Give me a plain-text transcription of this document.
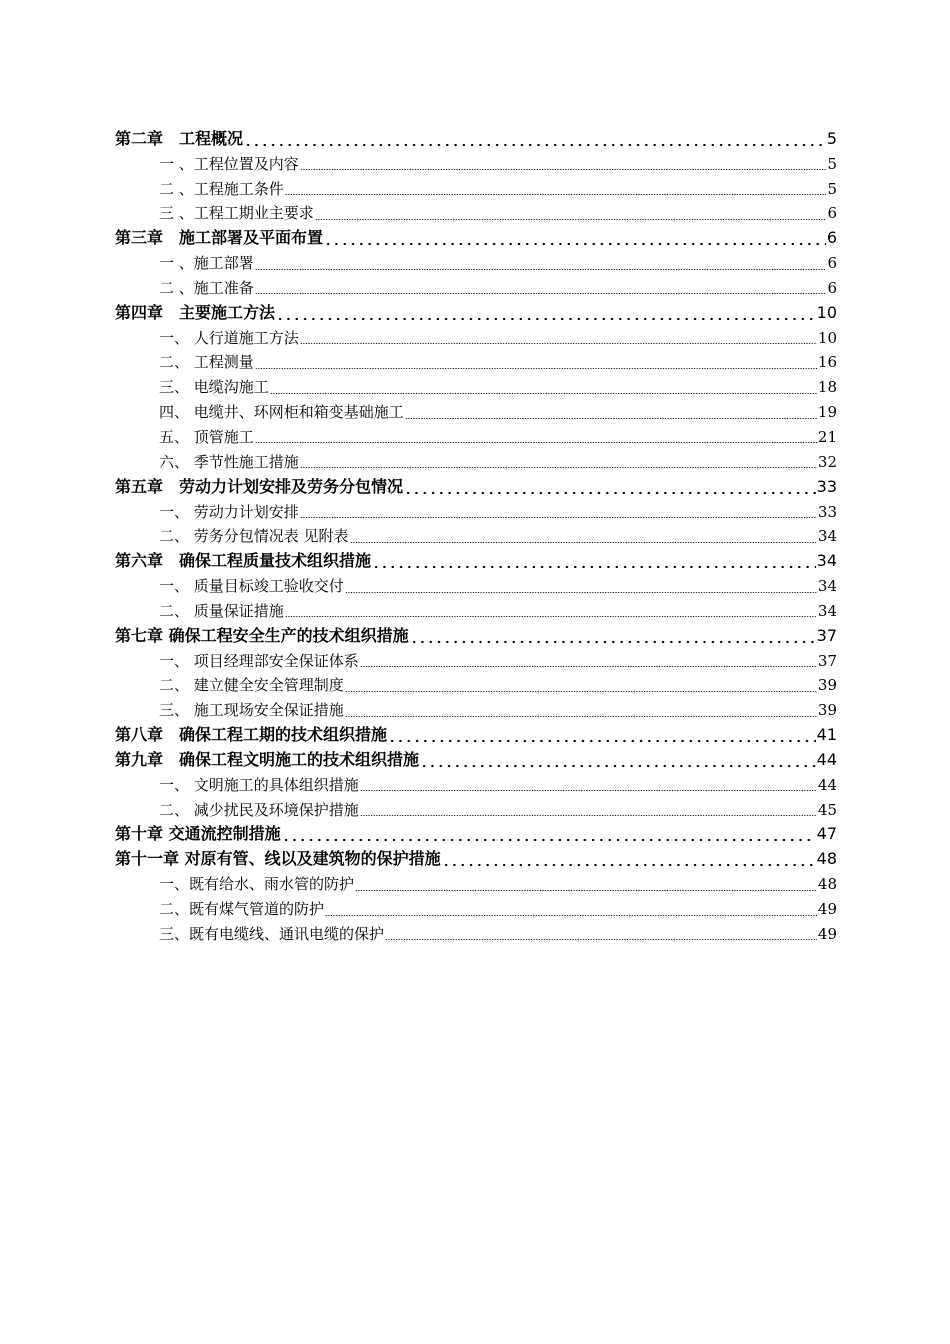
第二章　工程概况	5
一 、工程位置及内容	5
二 、工程施工条件	5
三 、工程工期业主要求	6
第三章　施工部署及平面布置	6
一 、施工部署	6
二 、施工准备	6
第四章　主要施工方法	10
一、 人行道施工方法	10
二、 工程测量	16
三、 电缆沟施工	18
四、 电缆井、环网柜和箱变基础施工	19
五、 顶管施工	21
六、 季节性施工措施	32
第五章　劳动力计划安排及劳务分包情况	33
一、 劳动力计划安排	33
二、 劳务分包情况表 见附表	34
第六章　确保工程质量技术组织措施	34
一、 质量目标竣工验收交付	34
二、 质量保证措施	34
第七章 确保工程安全生产的技术组织措施	37
一、 项目经理部安全保证体系	37
二、 建立健全安全管理制度	39
三、 施工现场安全保证措施	39
第八章　确保工程工期的技术组织措施	41
第九章　确保工程文明施工的技术组织措施	44
一、 文明施工的具体组织措施	44
二、 减少扰民及环境保护措施	45
第十章 交通流控制措施	47
第十一章 对原有管、线以及建筑物的保护措施	48
一、既有给水、雨水管的防护	48
二、既有煤气管道的防护	49
三、既有电缆线、通讯电缆的保护	49
